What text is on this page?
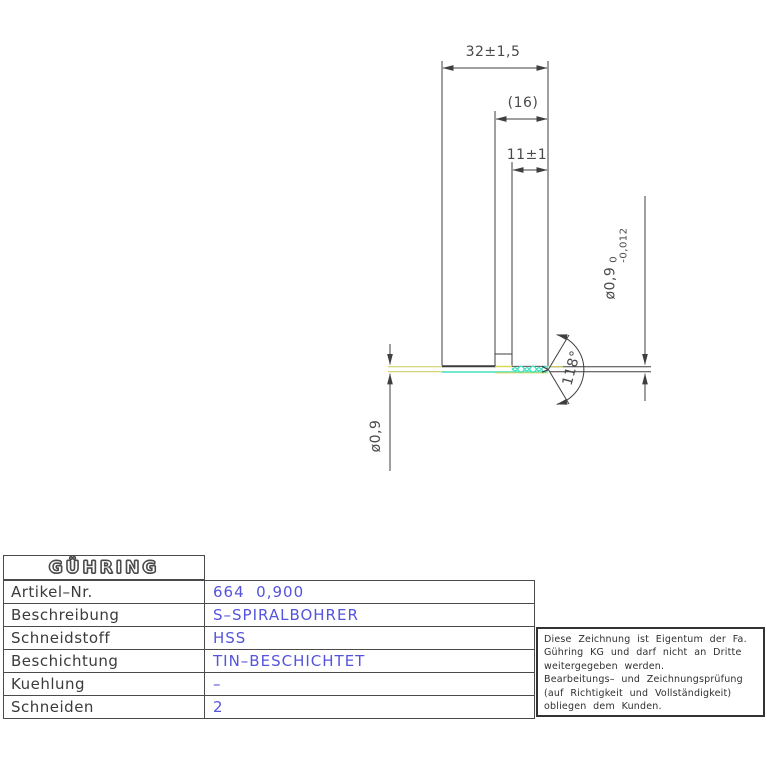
32±1,5
(16)
11±1
118°
ø0,9
ø0,9
0 -0,012
GÜHRING
Artikel–Nr.	664  0,900
Beschreibung	S–SPIRALBOHRER
Schneidstoff	HSS
Beschichtung	TIN–BESCHICHTET
Kuehlung	–
Schneiden	2
Diese Zeichnung ist Eigentum der Fa.
Gühring KG und darf nicht an Dritte
weitergegeben werden.
Bearbeitungs– und Zeichnungsprüfung
(auf Richtigkeit und Vollständigkeit)
obliegen dem Kunden.
